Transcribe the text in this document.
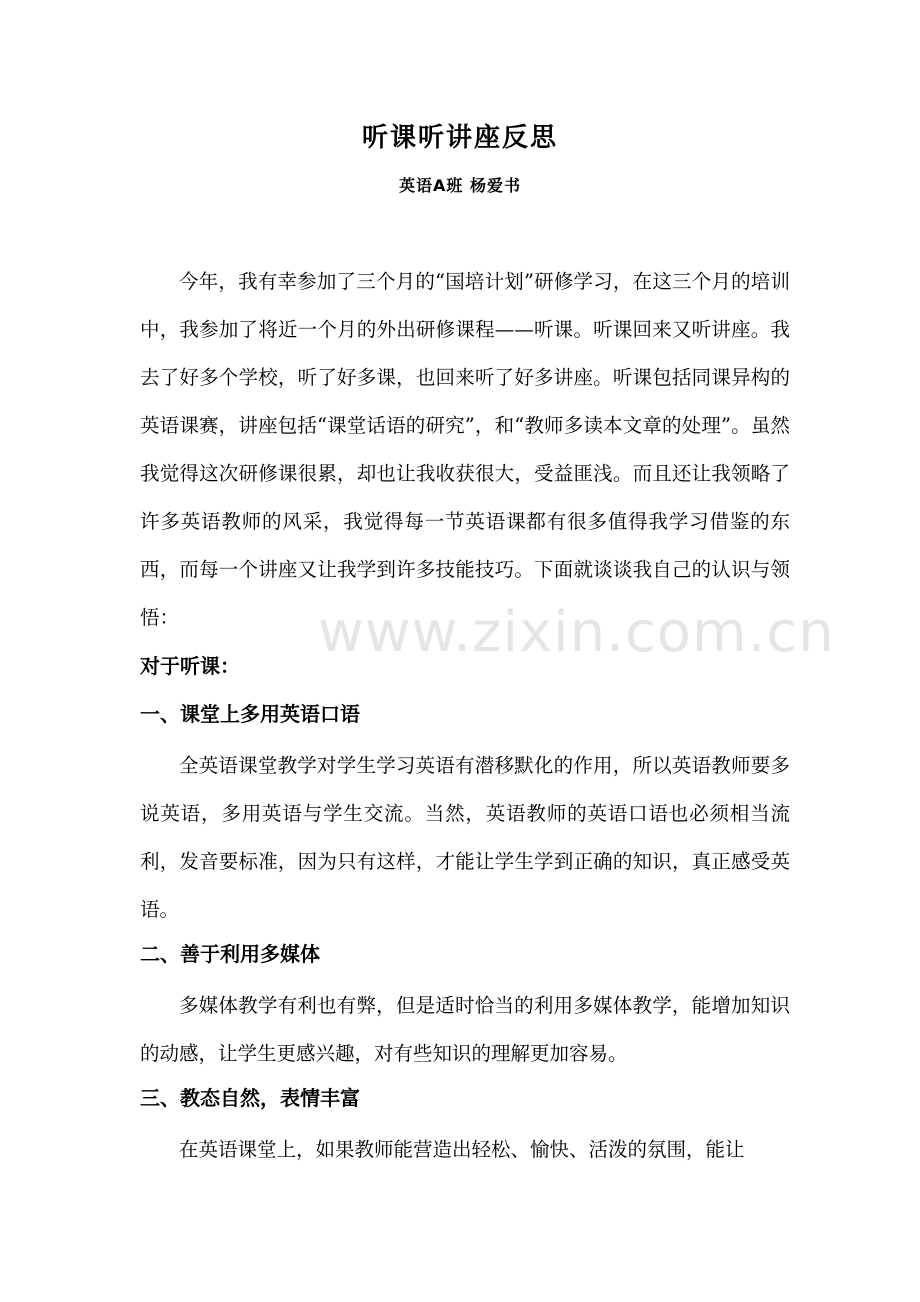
听课听讲座反思

英语A班 杨爱书

今年，我有幸参加了三个月的“国培计划”研修学习，在这三个月的培训中，我参加了将近一个月的外出研修课程——听课。听课回来又听讲座。我去了好多个学校，听了好多课，也回来听了好多讲座。听课包括同课异构的英语课赛，讲座包括“课堂话语的研究”，和“教师多读本文章的处理”。虽然我觉得这次研修课很累，却也让我收获很大，受益匪浅。而且还让我领略了许多英语教师的风采，我觉得每一节英语课都有很多值得我学习借鉴的东西，而每一个讲座又让我学到许多技能技巧。下面就谈谈我自己的认识与领悟：

对于听课：
一、课堂上多用英语口语

全英语课堂教学对学生学习英语有潜移默化的作用，所以英语教师要多说英语，多用英语与学生交流。当然，英语教师的英语口语也必须相当流利，发音要标准，因为只有这样，才能让学生学到正确的知识，真正感受英语。

二、善于利用多媒体

多媒体教学有利也有弊，但是适时恰当的利用多媒体教学，能增加知识的动感，让学生更感兴趣，对有些知识的理解更加容易。

三、教态自然，表情丰富

在英语课堂上，如果教师能营造出轻松、愉快、活泼的氛围，能让

www.zixin.com.cn
